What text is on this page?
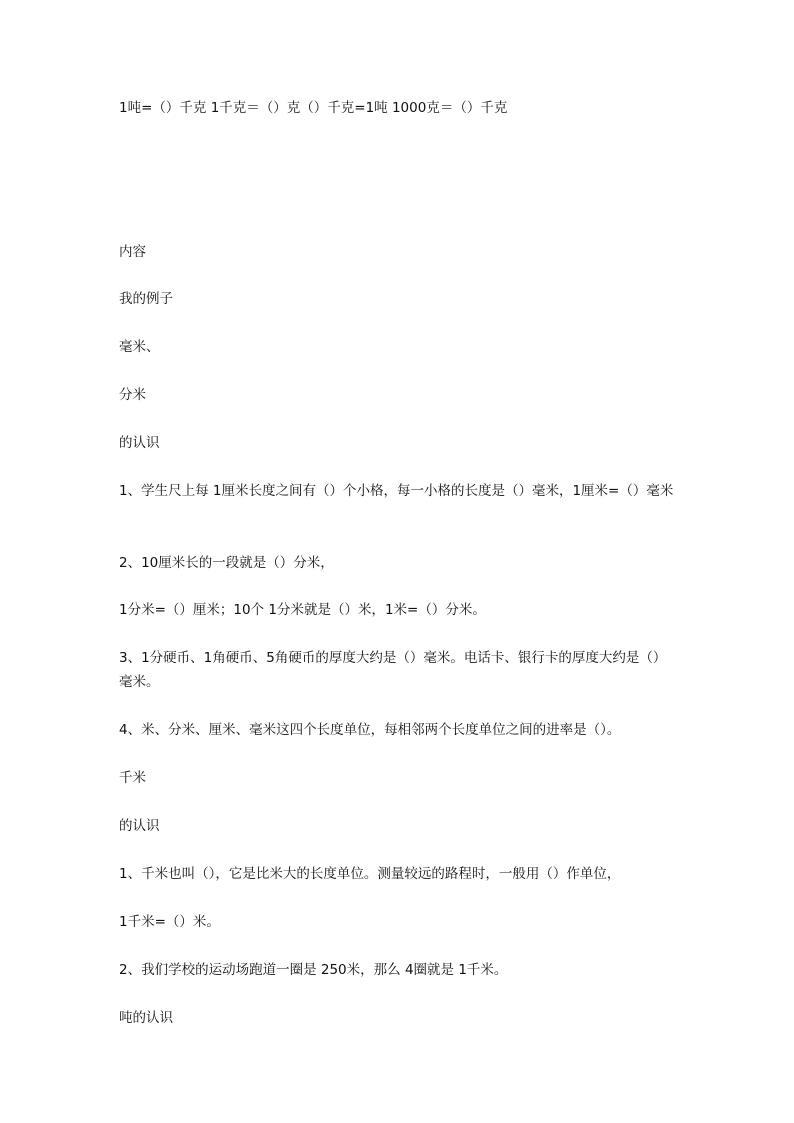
1吨=（）千克 1千克＝（）克（）千克=1吨 1000克＝（）千克
内容
我的例子
毫米、
分米
的认识
1、学生尺上每 1厘米长度之间有（）个小格，每一小格的长度是（）毫米，1厘米=（）毫米
2、10厘米长的一段就是（）分米，
1分米=（）厘米；10个 1分米就是（）米，1米=（）分米。
3、1分硬币、1角硬币、5角硬币的厚度大约是（）毫米。电话卡、银行卡的厚度大约是（）毫米。
4、米、分米、厘米、毫米这四个长度单位，每相邻两个长度单位之间的进率是（）。
千米
的认识
1、千米也叫（），它是比米大的长度单位。测量较远的路程时，一般用（）作单位，
1千米=（）米。
2、我们学校的运动场跑道一圈是 250米，那么 4圈就是 1千米。
吨的认识
